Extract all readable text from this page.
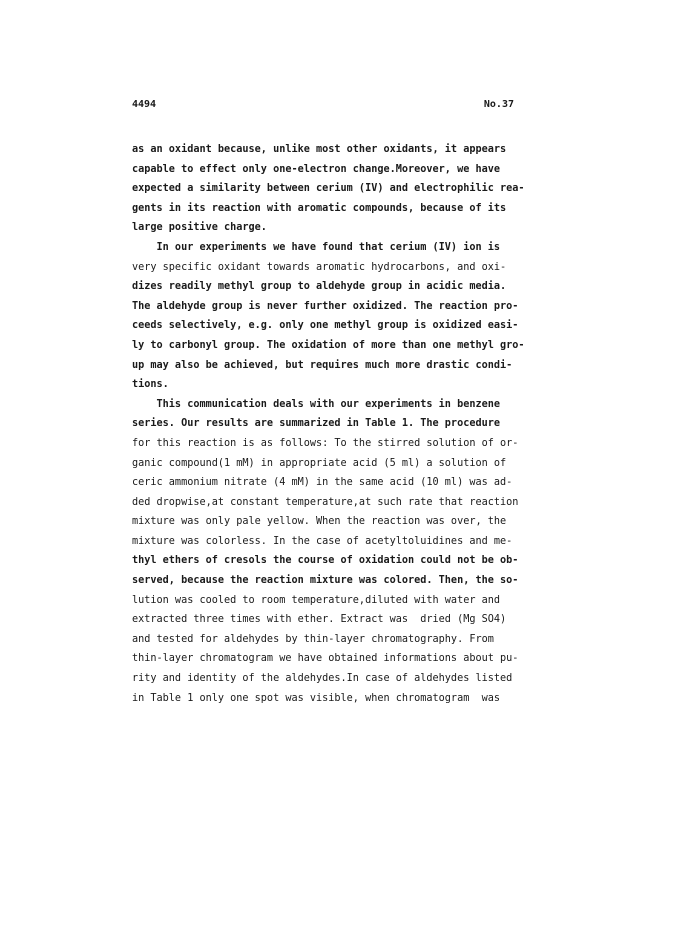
4494	No.37
as an oxidant because, unlike most other oxidants, it appears
capable to effect only one-electron change.Moreover, we have
expected a similarity between cerium (IV) and electrophilic rea-
gents in its reaction with aromatic compounds, because of its
large positive charge.
In our experiments we have found that cerium (IV) ion is
very specific oxidant towards aromatic hydrocarbons, and oxi-
dizes readily methyl group to aldehyde group in acidic media.
The aldehyde group is never further oxidized. The reaction pro-
ceeds selectively, e.g. only one methyl group is oxidized easi-
ly to carbonyl group. The oxidation of more than one methyl gro-
up may also be achieved, but requires much more drastic condi-
tions.
This communication deals with our experiments in benzene
series. Our results are summarized in Table 1. The procedure
for this reaction is as follows: To the stirred solution of or-
ganic compound(1 mM) in appropriate acid (5 ml) a solution of
ceric ammonium nitrate (4 mM) in the same acid (10 ml) was ad-
ded dropwise,at constant temperature,at such rate that reaction
mixture was only pale yellow. When the reaction was over, the
mixture was colorless. In the case of acetyltoluidines and me-
thyl ethers of cresols the course of oxidation could not be ob-
served, because the reaction mixture was colored. Then, the so-
lution was cooled to room temperature,diluted with water and
extracted three times with ether. Extract was  dried (Mg SO4)
and tested for aldehydes by thin-layer chromatography. From
thin-layer chromatogram we have obtained informations about pu-
rity and identity of the aldehydes.In case of aldehydes listed
in Table 1 only one spot was visible, when chromatogram  was
